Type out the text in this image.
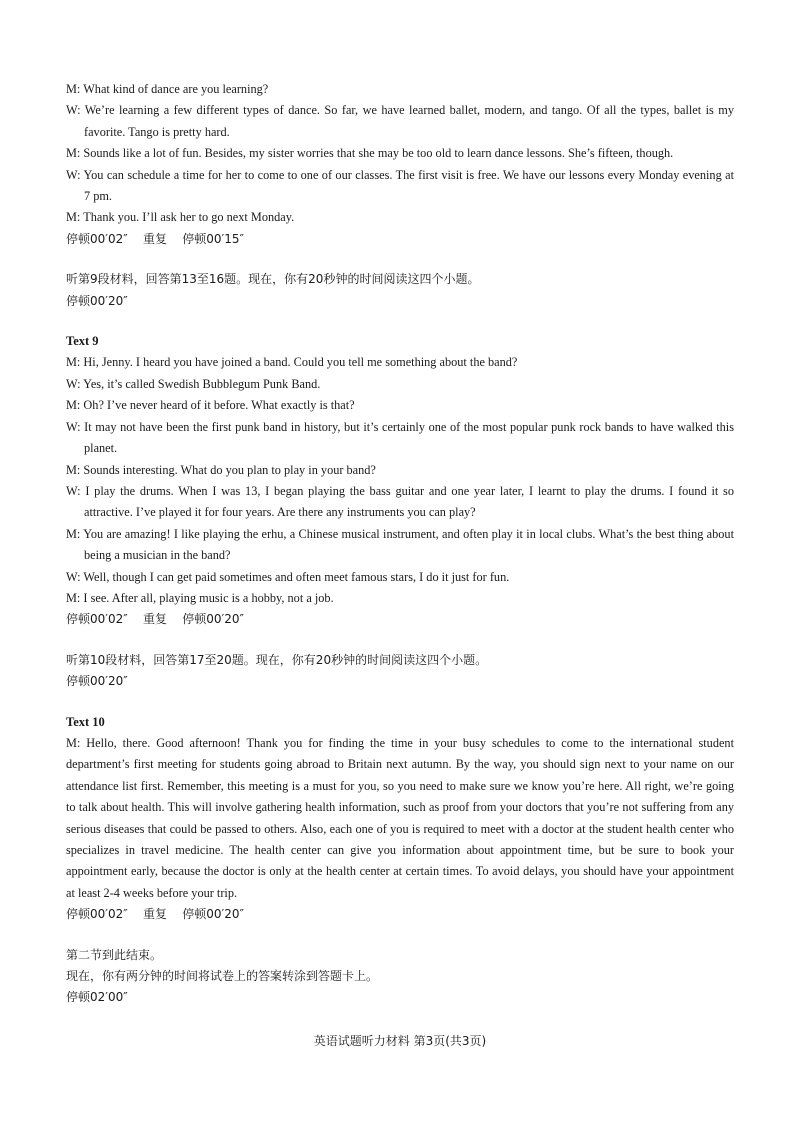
M: What kind of dance are you learning?

W: We’re learning a few different types of dance. So far, we have learned ballet, modern, and tango. Of all the types, ballet is my favorite. Tango is pretty hard.

M: Sounds like a lot of fun. Besides, my sister worries that she may be too old to learn dance lessons. She’s fifteen, though.

W: You can schedule a time for her to come to one of our classes. The first visit is free. We have our lessons every Monday evening at 7 pm.

M: Thank you. I’ll ask her to go next Monday.

停顿00′02″    重复    停顿00′15″

听第9段材料，回答第13至16题。现在，你有20秒钟的时间阅读这四个小题。

停顿00′20″

Text 9

M: Hi, Jenny. I heard you have joined a band. Could you tell me something about the band?

W: Yes, it’s called Swedish Bubblegum Punk Band.

M: Oh? I’ve never heard of it before. What exactly is that?

W: It may not have been the first punk band in history, but it’s certainly one of the most popular punk rock bands to have walked this planet.

M: Sounds interesting. What do you plan to play in your band?

W: I play the drums. When I was 13, I began playing the bass guitar and one year later, I learnt to play the drums. I found it so attractive. I’ve played it for four years. Are there any instruments you can play?

M: You are amazing! I like playing the erhu, a Chinese musical instrument, and often play it in local clubs. What’s the best thing about being a musician in the band?

W: Well, though I can get paid sometimes and often meet famous stars, I do it just for fun.

M: I see. After all, playing music is a hobby, not a job.

停顿00′02″    重复    停顿00′20″

听第10段材料，回答第17至20题。现在，你有20秒钟的时间阅读这四个小题。

停顿00′20″

Text 10

M: Hello, there. Good afternoon! Thank you for finding the time in your busy schedules to come to the international student department’s first meeting for students going abroad to Britain next autumn. By the way, you should sign next to your name on our attendance list first. Remember, this meeting is a must for you, so you need to make sure we know you’re here. All right, we’re going to talk about health. This will involve gathering health information, such as proof from your doctors that you’re not suffering from any serious diseases that could be passed to others. Also, each one of you is required to meet with a doctor at the student health center who specializes in travel medicine. The health center can give you information about appointment time, but be sure to book your appointment early, because the doctor is only at the health center at certain times. To avoid delays, you should have your appointment at least 2-4 weeks before your trip.

停顿00′02″    重复    停顿00′20″

第二节到此结束。

现在，你有两分钟的时间将试卷上的答案转涂到答题卡上。

停顿02′00″

英语试题听力材料 第3页(共3页)
